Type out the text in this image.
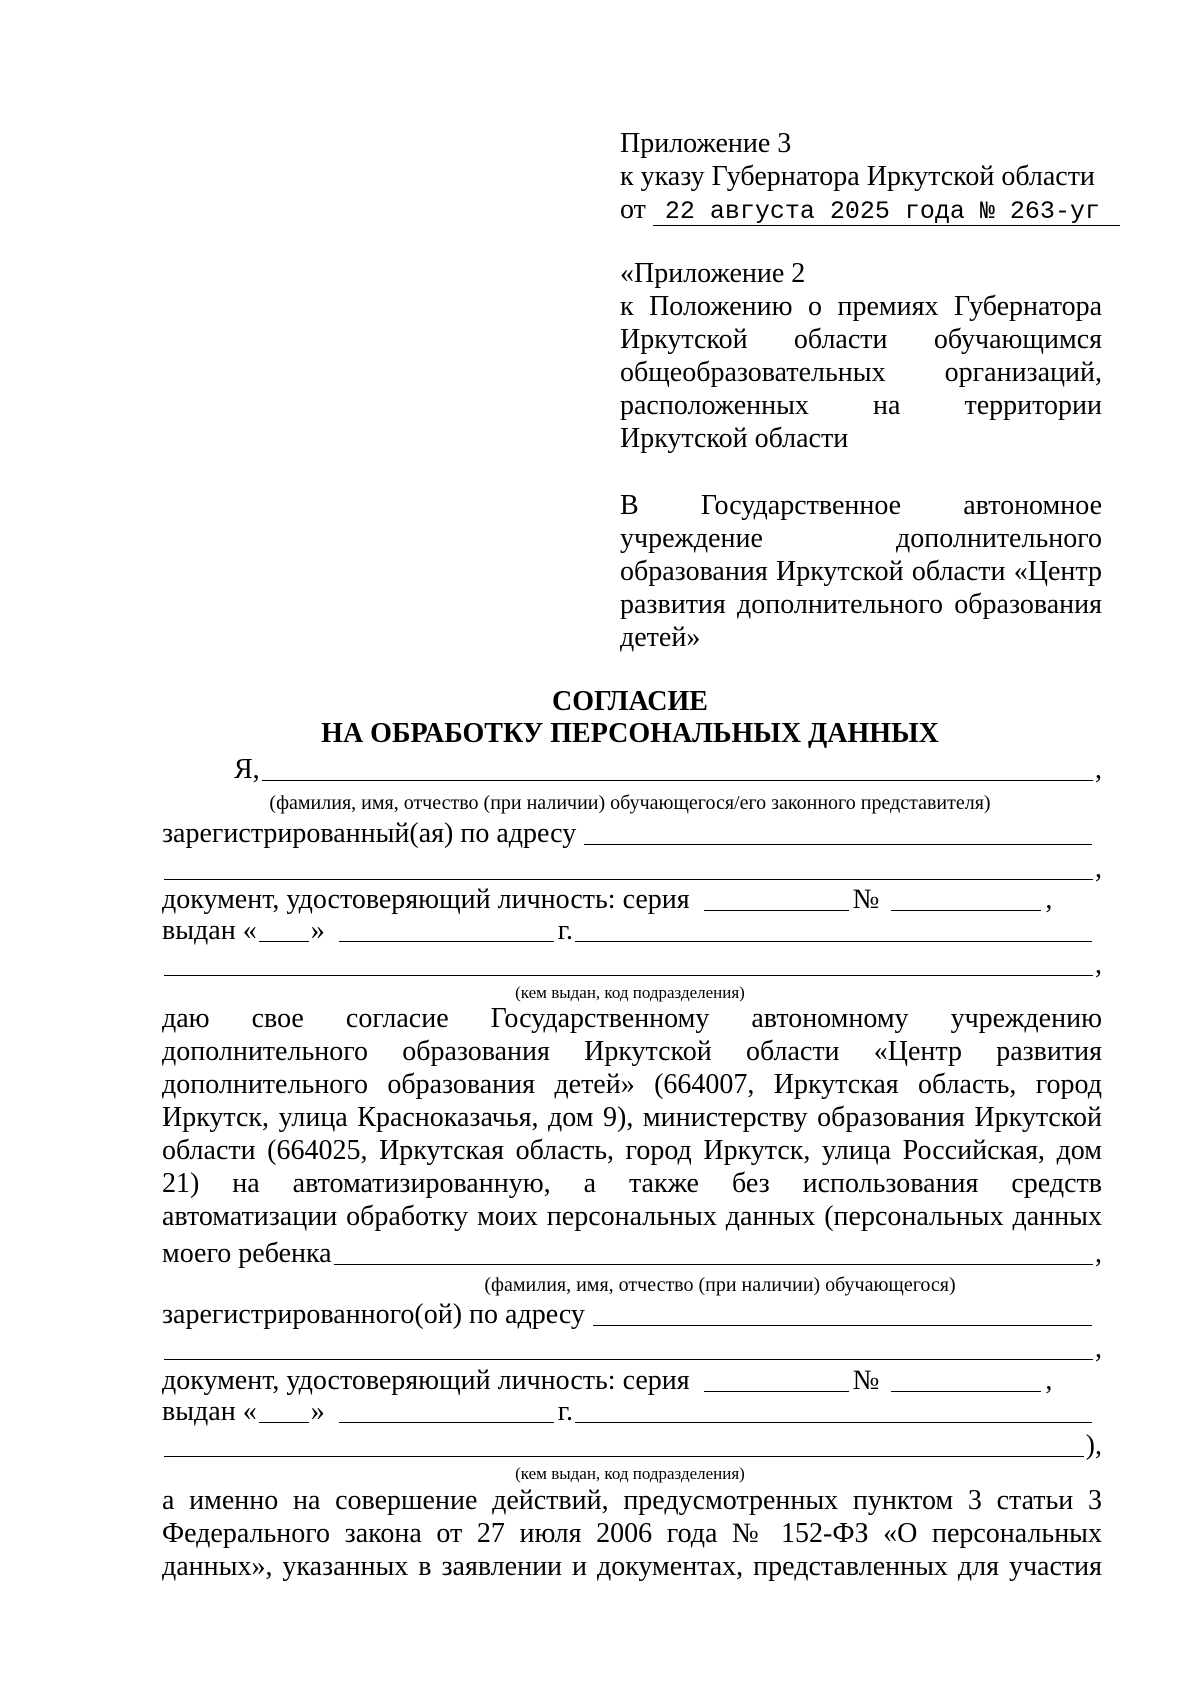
Приложение 3
к указу Губернатора Иркутской области
от 22 августа 2025 года № 263-уг
«Приложение 2
к Положению о премиях Губернатора
Иркутской области обучающимся
общеобразовательных организаций,
расположенных на территории
Иркутской области
В Государственное автономное
учреждение дополнительного
образования Иркутской области «Центр
развития дополнительного образования
детей»
СОГЛАСИЕ
НА ОБРАБОТКУ ПЕРСОНАЛЬНЫХ ДАННЫХ
Я,	,
(фамилия, имя, отчество (при наличии) обучающегося/его законного представителя)
зарегистрированный(ая) по адресу
,
документ, удостоверяющий личность: серия	№	,
выдан « »	г.
,
(кем выдан, код подразделения)
даю свое согласие Государственному автономному учреждению
дополнительного образования Иркутской области «Центр развития
дополнительного образования детей» (664007, Иркутская область, город
Иркутск, улица Красноказачья, дом 9), министерству образования Иркутской
области (664025, Иркутская область, город Иркутск, улица Российская, дом
21) на автоматизированную, а также без использования средств
автоматизации обработку моих персональных данных (персональных данных
моего ребенка	,
(фамилия, имя, отчество (при наличии) обучающегося)
зарегистрированного(ой) по адресу
,
документ, удостоверяющий личность: серия	№	,
выдан « »	г.
),
(кем выдан, код подразделения)
а именно на совершение действий, предусмотренных пунктом 3 статьи 3
Федерального закона от 27 июля 2006 года № 152-ФЗ «О персональных
данных», указанных в заявлении и документах, представленных для участия
